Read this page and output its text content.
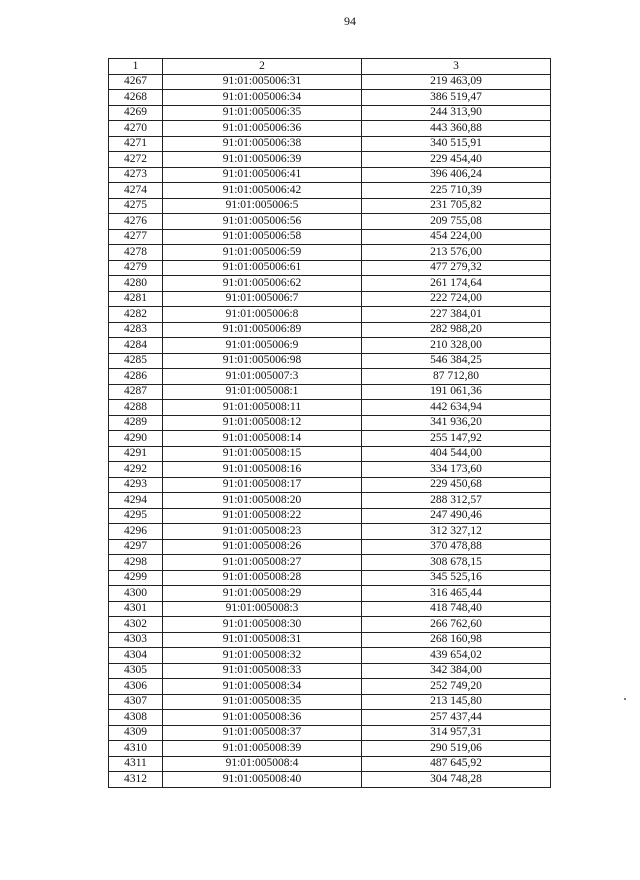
94
1	2	3
4267	91:01:005006:31	219 463,09
4268	91:01:005006:34	386 519,47
4269	91:01:005006:35	244 313,90
4270	91:01:005006:36	443 360,88
4271	91:01:005006:38	340 515,91
4272	91:01:005006:39	229 454,40
4273	91:01:005006:41	396 406,24
4274	91:01:005006:42	225 710,39
4275	91:01:005006:5	231 705,82
4276	91:01:005006:56	209 755,08
4277	91:01:005006:58	454 224,00
4278	91:01:005006:59	213 576,00
4279	91:01:005006:61	477 279,32
4280	91:01:005006:62	261 174,64
4281	91:01:005006:7	222 724,00
4282	91:01:005006:8	227 384,01
4283	91:01:005006:89	282 988,20
4284	91:01:005006:9	210 328,00
4285	91:01:005006:98	546 384,25
4286	91:01:005007:3	87 712,80
4287	91:01:005008:1	191 061,36
4288	91:01:005008:11	442 634,94
4289	91:01:005008:12	341 936,20
4290	91:01:005008:14	255 147,92
4291	91:01:005008:15	404 544,00
4292	91:01:005008:16	334 173,60
4293	91:01:005008:17	229 450,68
4294	91:01:005008:20	288 312,57
4295	91:01:005008:22	247 490,46
4296	91:01:005008:23	312 327,12
4297	91:01:005008:26	370 478,88
4298	91:01:005008:27	308 678,15
4299	91:01:005008:28	345 525,16
4300	91:01:005008:29	316 465,44
4301	91:01:005008:3	418 748,40
4302	91:01:005008:30	266 762,60
4303	91:01:005008:31	268 160,98
4304	91:01:005008:32	439 654,02
4305	91:01:005008:33	342 384,00
4306	91:01:005008:34	252 749,20
4307	91:01:005008:35	213 145,80
4308	91:01:005008:36	257 437,44
4309	91:01:005008:37	314 957,31
4310	91:01:005008:39	290 519,06
4311	91:01:005008:4	487 645,92
4312	91:01:005008:40	304 748,28
